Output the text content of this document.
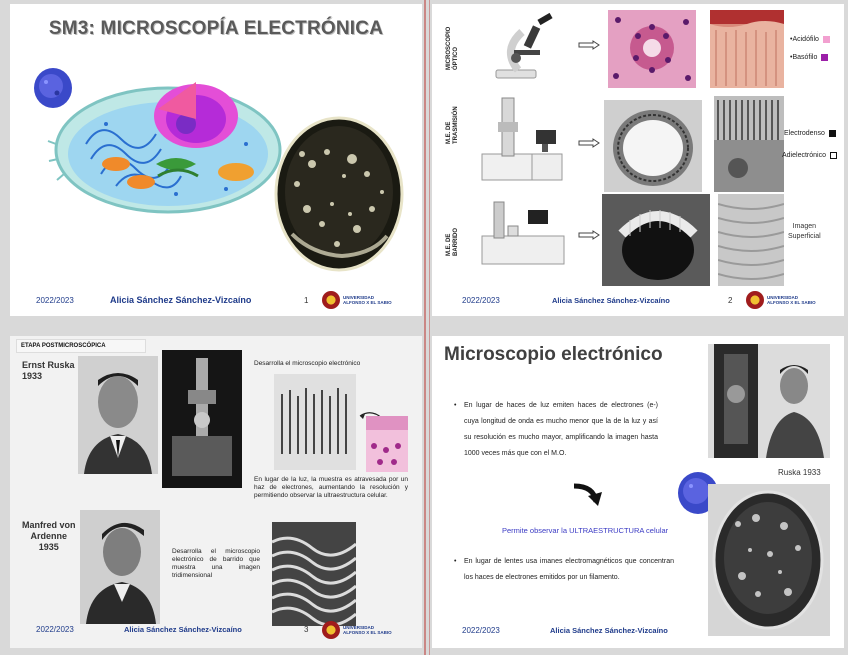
SM3: MICROSCOPÍA ELECTRÓNICA
2022/2023	Alicia Sánchez Sánchez-Vizcaíno	1	UNIVERSIDAD
ALFONSO X EL SABIO
MICROSCOPIO ÓPTICO
M.E. DE TRASMISIÓN
M.E. DE BARRIDO
•Acidófilo
•Basófilo
Electrodenso
Adielectrónico
Imagen
Superficial
2022/2023	Alicia Sánchez Sánchez-Vizcaíno	2	UNIVERSIDAD
ALFONSO X EL SABIO
ETAPA POSTMICROSCÓPICA
Ernst Ruska
1933
Desarrolla el microscopio electrónico
En lugar de la luz, la muestra es atravesada por un haz de electrones, aumentando la resolución y permitiendo observar la ultraestructura celular.
Manfred von
Ardenne
1935	Desarrolla el microscopio electrónico de barrido que muestra una imagen tridimensional
2022/2023	Alicia Sánchez Sánchez-Vizcaíno	3	UNIVERSIDAD
ALFONSO X EL SABIO
Microscopio electrónico
• En lugar de haces de luz emiten haces de electrones (e-) cuya longitud de onda es mucho menor que la de la luz y así su resolución es mucho mayor, amplificando la imagen hasta 1000 veces más que con el M.O.
Permite observar la ULTRAESTRUCTURA celular
• En lugar de lentes usa imanes electromagnéticos que concentran los haces de electrones emitidos por un filamento.
Ruska 1933
2022/2023	Alicia Sánchez Sánchez-Vizcaíno
